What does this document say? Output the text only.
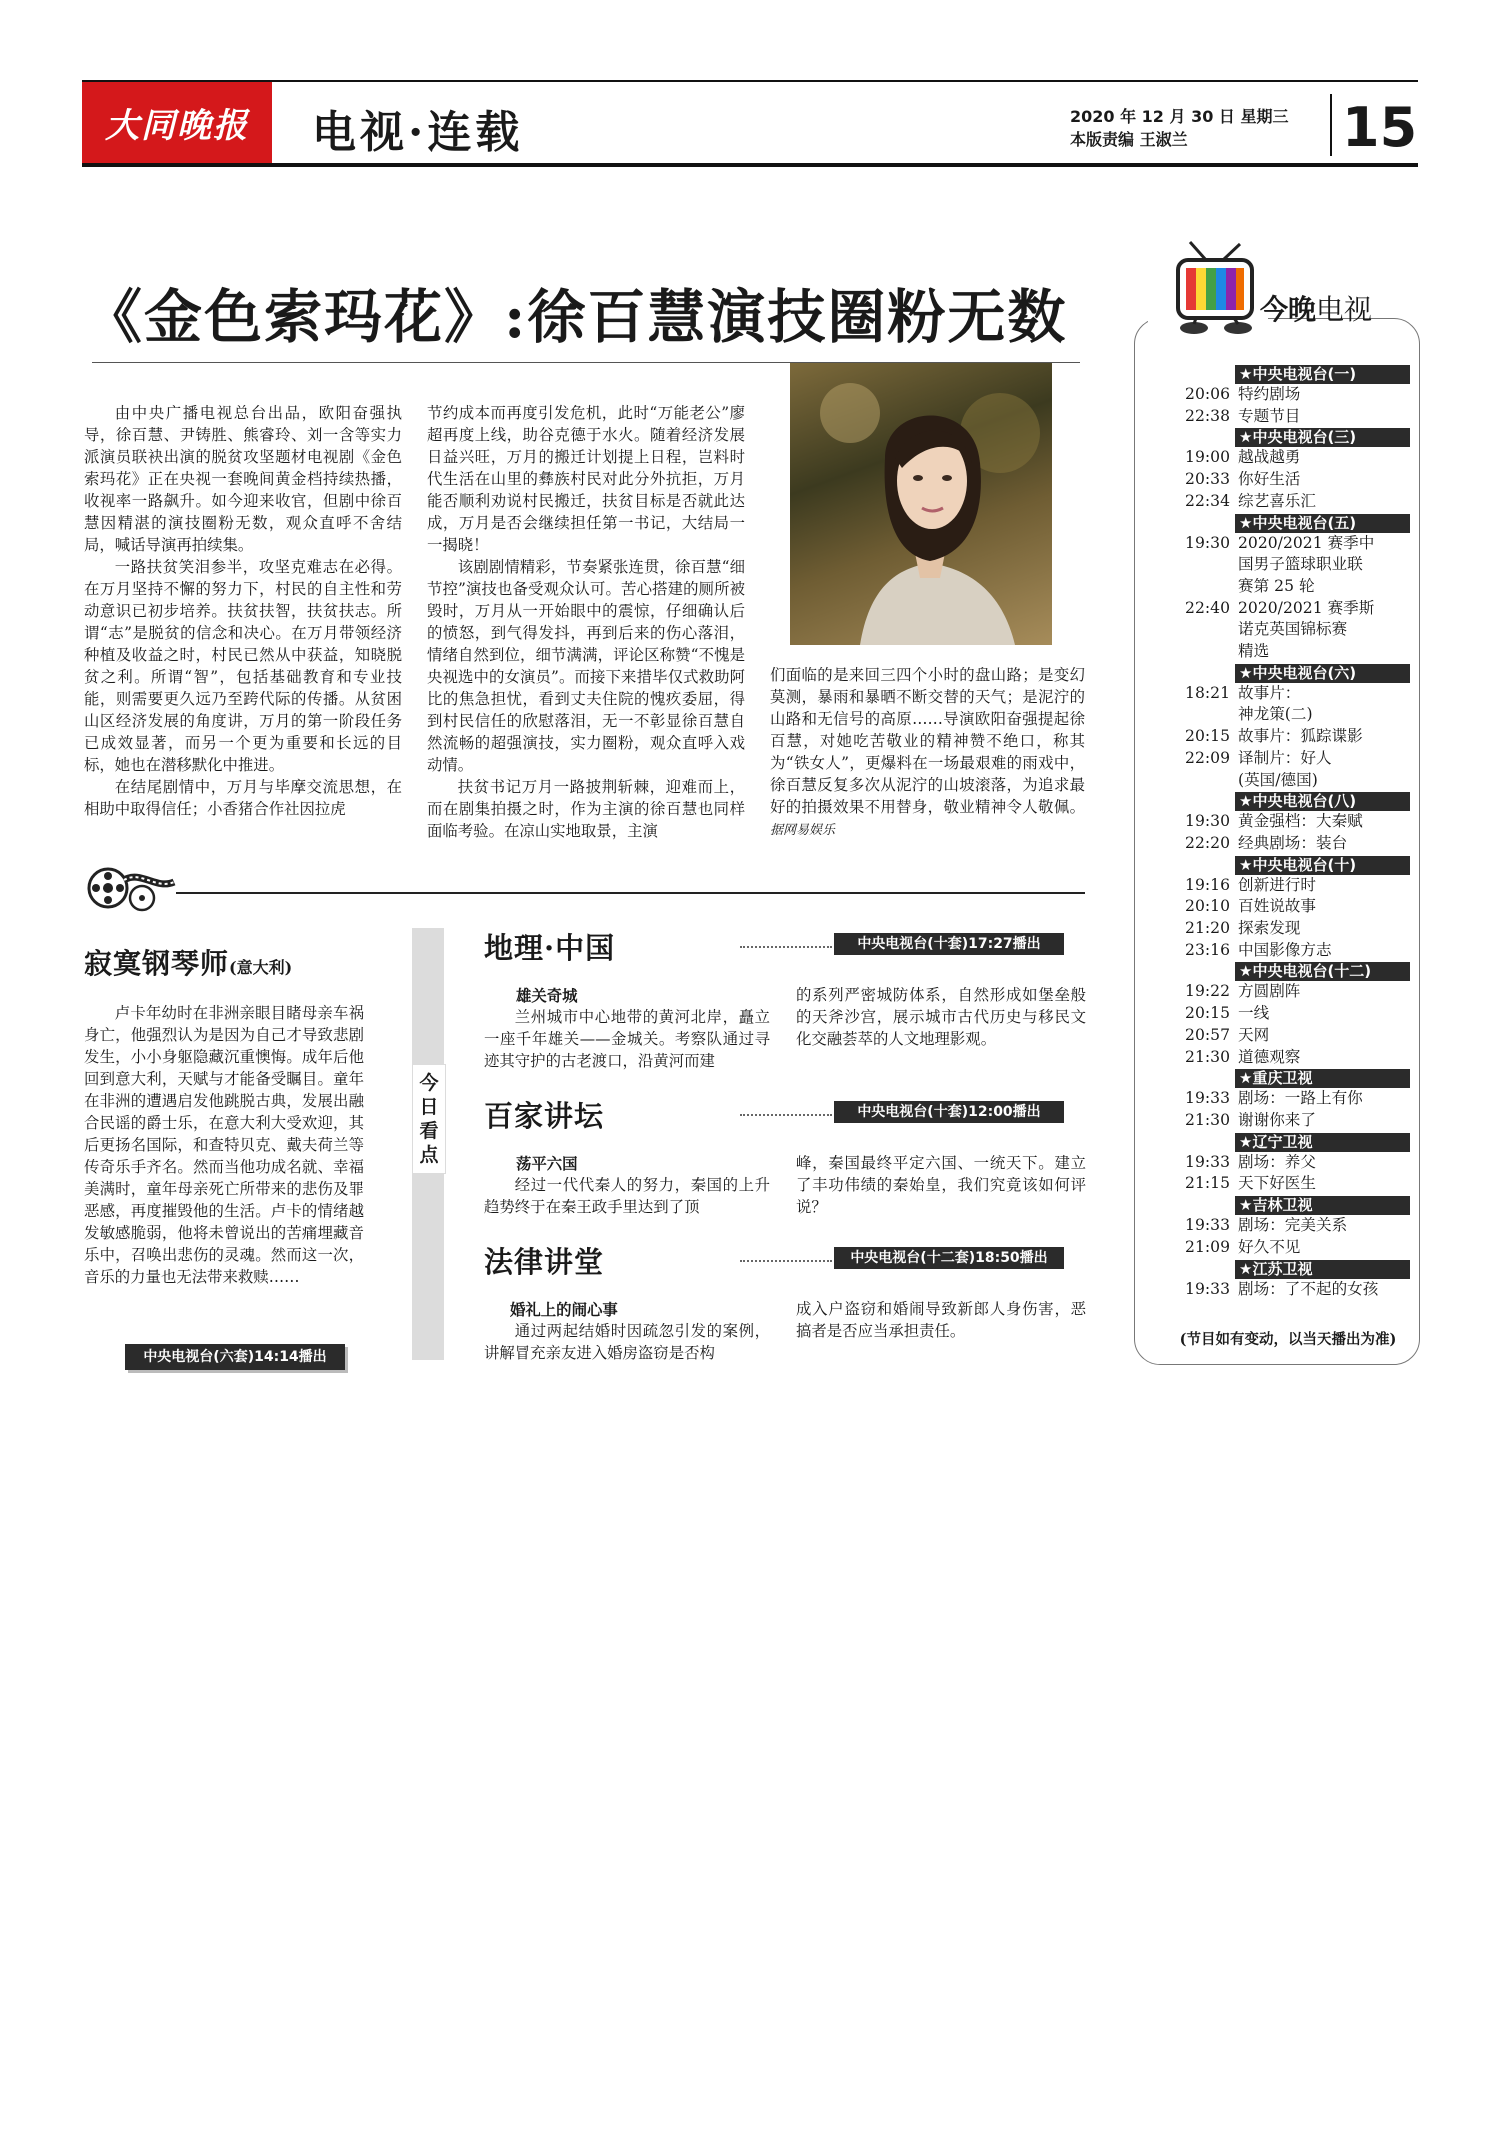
大同晚报 电视·连载	2020 年 12 月 30 日 星期三
本版责编 王淑兰	15
《金色索玛花》:徐百慧演技圈粉无数

由中央广播电视总台出品，欧阳奋强执导，徐百慧、尹铸胜、熊睿玲、刘一含等实力派演员联袂出演的脱贫攻坚题材电视剧《金色索玛花》正在央视一套晚间黄金档持续热播，收视率一路飙升。如今迎来收官，但剧中徐百慧因精湛的演技圈粉无数，观众直呼不舍结局，喊话导演再拍续集。

一路扶贫笑泪参半，攻坚克难志在必得。在万月坚持不懈的努力下，村民的自主性和劳动意识已初步培养。扶贫扶智，扶贫扶志。所谓“志”是脱贫的信念和决心。在万月带领经济种植及收益之时，村民已然从中获益，知晓脱贫之利。所谓“智”，包括基础教育和专业技能，则需要更久远乃至跨代际的传播。从贫困山区经济发展的角度讲，万月的第一阶段任务已成效显著，而另一个更为重要和长远的目标，她也在潜移默化中推进。

在结尾剧情中，万月与毕摩交流思想，在相助中取得信任；小香猪合作社因拉虎

节约成本而再度引发危机，此时“万能老公”廖超再度上线，助谷克德于水火。随着经济发展日益兴旺，万月的搬迁计划提上日程，岂料时代生活在山里的彝族村民对此分外抗拒，万月能否顺利劝说村民搬迁，扶贫目标是否就此达成，万月是否会继续担任第一书记，大结局一一揭晓！

该剧剧情精彩，节奏紧张连贯，徐百慧“细节控”演技也备受观众认可。苦心搭建的厕所被毁时，万月从一开始眼中的震惊，仔细确认后的愤怒，到气得发抖，再到后来的伤心落泪，情绪自然到位，细节满满，评论区称赞“不愧是央视选中的女演员”。而接下来措毕仅式救助阿比的焦急担忧，看到丈夫住院的愧疚委屈，得到村民信任的欣慰落泪，无一不彰显徐百慧自然流畅的超强演技，实力圈粉，观众直呼入戏动情。

扶贫书记万月一路披荆斩棘，迎难而上，而在剧集拍摄之时，作为主演的徐百慧也同样面临考验。在凉山实地取景，主演

们面临的是来回三四个小时的盘山路；是变幻莫测，暴雨和暴晒不断交替的天气；是泥泞的山路和无信号的高原……导演欧阳奋强提起徐百慧，对她吃苦敬业的精神赞不绝口，称其为“铁女人”，更爆料在一场最艰难的雨戏中，徐百慧反复多次从泥泞的山坡滚落，为追求最好的拍摄效果不用替身，敬业精神令人敬佩。 据网易娱乐
寂寞钢琴师(意大利)

卢卡年幼时在非洲亲眼目睹母亲车祸身亡，他强烈认为是因为自己才导致悲剧发生，小小身躯隐藏沉重懊悔。成年后他回到意大利，天赋与才能备受瞩目。童年在非洲的遭遇启发他跳脱古典，发展出融合民谣的爵士乐，在意大利大受欢迎，其后更扬名国际，和查特贝克、戴夫荷兰等传奇乐手齐名。然而当他功成名就、幸福美满时，童年母亲死亡所带来的悲伤及罪恶感，再度摧毁他的生活。卢卡的情绪越发敏感脆弱，他将未曾说出的苦痛埋藏音乐中，召唤出悲伤的灵魂。然而这一次，音乐的力量也无法带来救赎……

中央电视台(六套)14:14播出
今日看点
地理·中国	中央电视台(十套)17:27播出
雄关奇城
兰州城市中心地带的黄河北岸，矗立一座千年雄关——金城关。考察队通过寻迹其守护的古老渡口，沿黄河而建
的系列严密城防体系，自然形成如堡垒般的天斧沙宫，展示城市古代历史与移民文化交融荟萃的人文地理影观。
百家讲坛	中央电视台(十套)12:00播出
荡平六国
经过一代代秦人的努力，秦国的上升趋势终于在秦王政手里达到了顶
峰，秦国最终平定六国、一统天下。建立了丰功伟绩的秦始皇，我们究竟该如何评说？
法律讲堂	中央电视台(十二套)18:50播出
婚礼上的闹心事
通过两起结婚时因疏忽引发的案例，讲解冒充亲友进入婚房盗窃是否构
成入户盗窃和婚闹导致新郎人身伤害，恶搞者是否应当承担责任。
今晚电视
★中央电视台(一)
20:06 特约剧场
22:38 专题节目
★中央电视台(三)
19:00 越战越勇
20:33 你好生活
22:34 综艺喜乐汇
★中央电视台(五)
19:30 2020/2021 赛季中
国男子篮球职业联
赛第 25 轮
22:40 2020/2021 赛季斯
诺克英国锦标赛
精选
★中央电视台(六)
18:21 故事片：
神龙策(二)
20:15 故事片：狐踪谍影
22:09 译制片：好人
(英国/德国)
★中央电视台(八)
19:30 黄金强档：大秦赋
22:20 经典剧场：装台
★中央电视台(十)
19:16 创新进行时
20:10 百姓说故事
21:20 探索发现
23:16 中国影像方志
★中央电视台(十二)
19:22 方圆剧阵
20:15 一线
20:57 天网
21:30 道德观察
★重庆卫视
19:33 剧场：一路上有你
21:30 谢谢你来了
★辽宁卫视
19:33 剧场：养父
21:15 天下好医生
★吉林卫视
19:33 剧场：完美关系
21:09 好久不见
★江苏卫视
19:33 剧场：了不起的女孩
(节目如有变动，以当天播出为准)
